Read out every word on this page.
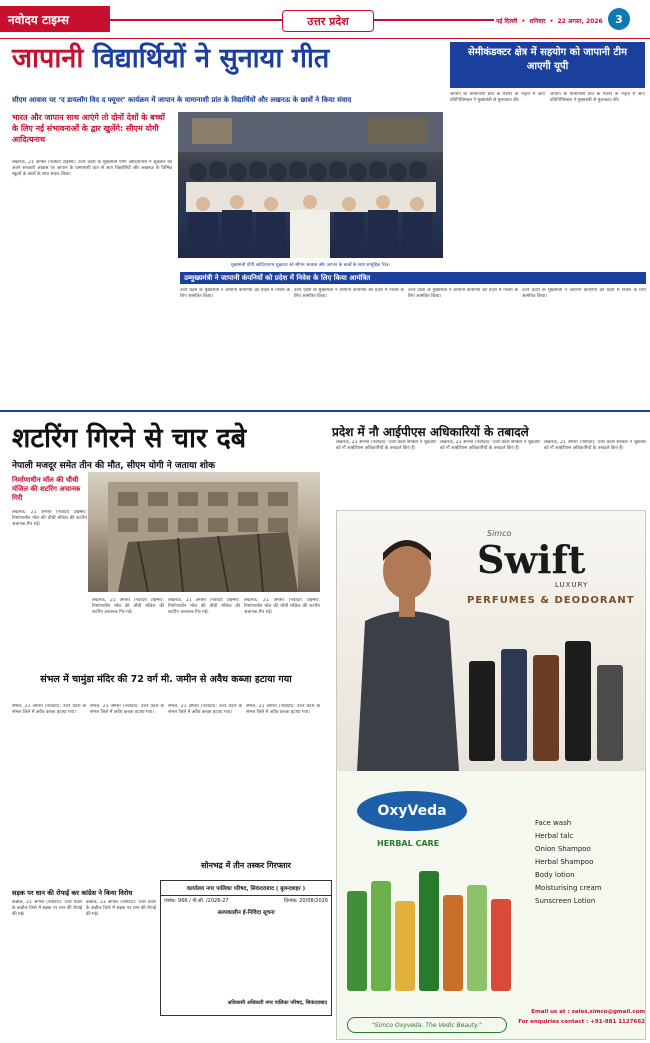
नवोदय टाइम्स	उत्तर प्रदेश	नई दिल्ली • शनिवार • 22 अगस्त, 2026	3
जापानी विद्यार्थियों ने सुनाया गीत
सीएम आवास पर ‘द डायलॉग विद द फ्यूचर’ कार्यक्रम में जापान के यामानाशी प्रांत के विद्यार्थियों और लखनऊ के छात्रों ने किया संवाद
भारत और जापान साथ आएंगे तो दोनों देशों के बच्चों के लिए नई संभावनाओं के द्वार खुलेंगे: सीएम योगी आदित्यनाथ
लखनऊ, 21 अगस्त (नवोदय टाइम्स): उत्तर प्रदेश के मुख्यमंत्री योगी आदित्यनाथ ने शुक्रवार को अपने सरकारी आवास पर जापान के यामानाशी प्रांत से आए विद्यार्थियों और लखनऊ के विभिन्न स्कूलों के छात्रों के साथ संवाद किया।
मुख्यमंत्री योगी आदित्यनाथ शुक्रवार को सीएम आवास और जापान के छात्रों के साथ सामूहिक चित्र।
सेमीकंडक्टर क्षेत्र में सहयोग को जापानी टीम आएगी यूपी
जापान के यामानाशी प्रांत के गवर्नर के नेतृत्व में आए प्रतिनिधिमंडल ने मुख्यमंत्री से मुलाकात की।
जापान के यामानाशी प्रांत के गवर्नर के नेतृत्व में आए प्रतिनिधिमंडल ने मुख्यमंत्री से मुलाकात की।
उम्मुख्यमंत्री ने जापानी कंपनियों को प्रदेश में निवेश के लिए किया आमंत्रित
उत्तर प्रदेश के मुख्यमंत्री ने जापानी कंपनियों को प्रदेश में निवेश के लिए आमंत्रित किया।
उत्तर प्रदेश के मुख्यमंत्री ने जापानी कंपनियों को प्रदेश में निवेश के लिए आमंत्रित किया।
उत्तर प्रदेश के मुख्यमंत्री ने जापानी कंपनियों को प्रदेश में निवेश के लिए आमंत्रित किया।
उत्तर प्रदेश के मुख्यमंत्री ने जापानी कंपनियों को प्रदेश में निवेश के लिए आमंत्रित किया।
शटरिंग गिरने से चार दबे
नेपाली मजदूर समेत तीन की मौत, सीएम योगी ने जताया शोक
निर्माणाधीन मॉल की चौथी मंजिल की शटरिंग अचानक गिरी
लखनऊ, 21 अगस्त (नवोदय टाइम्स): निर्माणाधीन मॉल की चौथी मंजिल की शटरिंग अचानक गिर गई।
लखनऊ, 21 अगस्त (नवोदय टाइम्स): निर्माणाधीन मॉल की चौथी मंजिल की शटरिंग अचानक गिर गई।
लखनऊ, 21 अगस्त (नवोदय टाइम्स): निर्माणाधीन मॉल की चौथी मंजिल की शटरिंग अचानक गिर गई।
लखनऊ, 21 अगस्त (नवोदय टाइम्स): निर्माणाधीन मॉल की चौथी मंजिल की शटरिंग अचानक गिर गई।
संभल में चामुंडा मंदिर की 72 वर्ग मी. जमीन से अवैध कब्जा हटाया गया
संभल, 21 अगस्त (नवोदय): उत्तर प्रदेश के संभल जिले में अवैध कब्जा हटाया गया।
संभल, 21 अगस्त (नवोदय): उत्तर प्रदेश के संभल जिले में अवैध कब्जा हटाया गया।
संभल, 21 अगस्त (नवोदय): उत्तर प्रदेश के संभल जिले में अवैध कब्जा हटाया गया।
संभल, 21 अगस्त (नवोदय): उत्तर प्रदेश के संभल जिले में अवैध कब्जा हटाया गया।
सड़क पर धान की रोपाई कर कांग्रेस ने किया विरोध
कन्नौज, 21 अगस्त (नवोदय): उत्तर प्रदेश के कन्नौज जिले में सड़क पर धान की रोपाई की गई।
कन्नौज, 21 अगस्त (नवोदय): उत्तर प्रदेश के कन्नौज जिले में सड़क पर धान की रोपाई की गई।
कार्यालय नगर पालिका परिषद, सिकंदराबाद ( बुलन्दशहर )
पत्रांक: 966 / पी.सी. /2026-27	दिनांक: 20/08/2026
अल्पकालीन ई-निविदा सूचना
अधिशासी अधिकारी नगर पालिका परिषद, सिकंदराबाद
प्रदेश में नौ आईपीएस अधिकारियों के तबादले
लखनऊ, 21 अगस्त (नवोदय): उत्तर प्रदेश सरकार ने शुक्रवार को नौ आईपीएस अधिकारियों के तबादले किए हैं।
लखनऊ, 21 अगस्त (नवोदय): उत्तर प्रदेश सरकार ने शुक्रवार को नौ आईपीएस अधिकारियों के तबादले किए हैं।
लखनऊ, 21 अगस्त (नवोदय): उत्तर प्रदेश सरकार ने शुक्रवार को नौ आईपीएस अधिकारियों के तबादले किए हैं।
Simco
Swift
LUXURY
PERFUMES & DEODORANT
OxyVeda
HERBAL CARE
Face wash
Herbal talc
Onion Shampoo
Herbal Shampoo
Body lotion
Moisturising cream
Sunscreen Lotion
Email us at : sales.simco@gmail.com
For enquiries contact : +91-981 1127662
"Simco Oxyveda. The Vedic Beauty."
सोनभद्र में तीन तस्कर गिरफ्तार
